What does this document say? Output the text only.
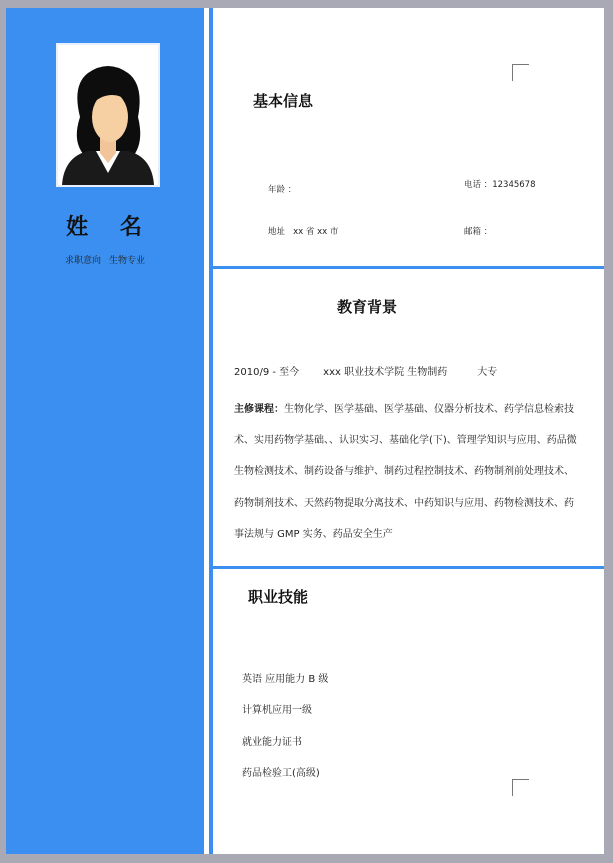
姓 名
求职意向 生物专业
基本信息
年龄 ：	电话 ：12345678
地址 xx 省 xx 市	邮箱 ：
教育背景
2010/9 - 至今 xxx 职业技术学院 生物制药	大专
主修课程：生物化学、医学基础、医学基础、仪器分析技术、药学信息检索技术、实用药物学基础、、认识实习、基础化学(下)、管理学知识与应用、药品微生物检测技术、制药设备与维护、制药过程控制技术、药物制剂前处理技术、药物制剂技术、天然药物提取分离技术、中药知识与应用、药物检测技术、药事法规与 GMP 实务、药品安全生产
职业技能
英语 应用能力 B 级
计算机应用一级
就业能力证书
药品检验工(高级)
